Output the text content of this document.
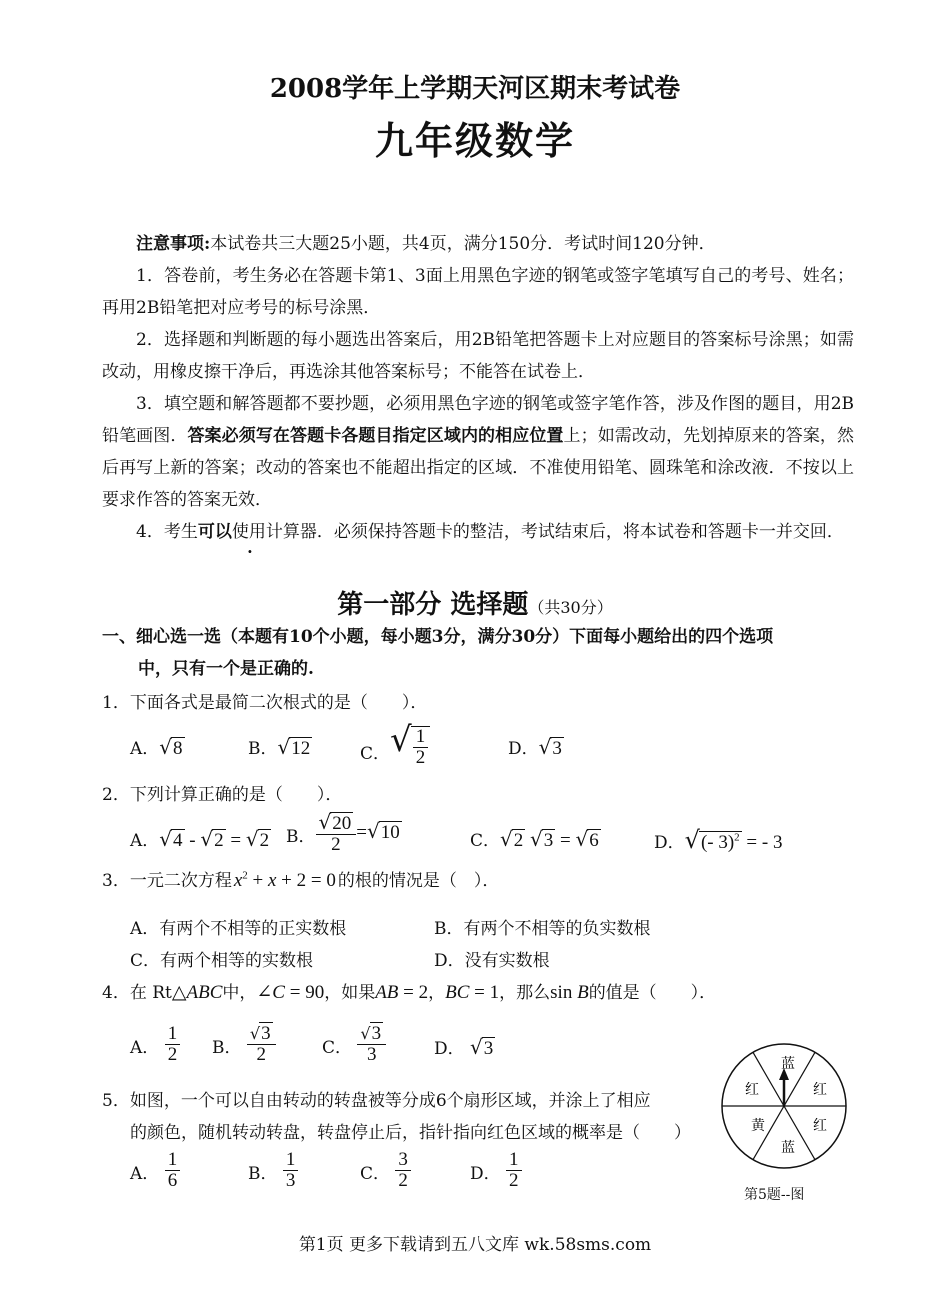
2008学年上学期天河区期末考试卷
九年级数学
注意事项:本试卷共三大题25小题，共4页，满分150分．考试时间120分钟．
1．答卷前，考生务必在答题卡第1、3面上用黑色字迹的钢笔或签字笔填写自己的考号、姓名；再用2B铅笔把对应考号的标号涂黑．
2．选择题和判断题的每小题选出答案后，用2B铅笔把答题卡上对应题目的答案标号涂黑；如需改动，用橡皮擦干净后，再选涂其他答案标号；不能答在试卷上．
3．填空题和解答题都不要抄题，必须用黑色字迹的钢笔或签字笔作答，涉及作图的题目，用2B铅笔画图．答案必须写在答题卡各题目指定区域内的相应位置上；如需改动，先划掉原来的答案，然后再写上新的答案；改动的答案也不能超出指定的区域．不准使用铅笔、圆珠笔和涂改液．不按以上要求作答的答案无效．
4．考生可以 ·使用计算器．必须保持答题卡的整洁，考试结束后，将本试卷和答题卡一并交回．
第一部分 选择题（共30分）
一、细心选一选（本题有10个小题，每小题3分，满分30分）下面每小题给出的四个选项
中，只有一个是正确的.
1．下面各式是最简二次根式的是（　　）．
A．√8	B．√12	C．√ $\frac{1}{2}$	D．√3
2．下列计算正确的是（　　）．
A．√4 - √2 = √2 B． $\frac{√20}{2} =√10$	C．√2 √3 = √6	D．√(- 3)$^2$ = - 3
3．一元二次方程 $x^2 + x + 2 = 0$ 的根的情况是（　）．
A．有两个不相等的正实数根	B．有两个不相等的负实数根
C．有两个相等的实数根	D．没有实数根
4．在 Rt△ABC中，∠C = 90，如果AB = 2，BC = 1，那么sin B的值是（　　）．
A． $\frac{1}{2}$ B． $\frac{√3}{2}$	C． $\frac{√3}{3}$	D． √3
5．如图，一个可以自由转动的转盘被等分成6个扇形区域，并涂上了相应
的颜色，随机转动转盘，转盘停止后，指针指向红色区域的概率是（　　）
A． $\frac{1}{6}$	B． $\frac{1}{3}$	C． $\frac{3}{2}$	D． $\frac{1}{2}$
蓝
红
红
蓝
黄
红
第5题--图
第1页 更多下载请到五八文库 wk.58sms.com
